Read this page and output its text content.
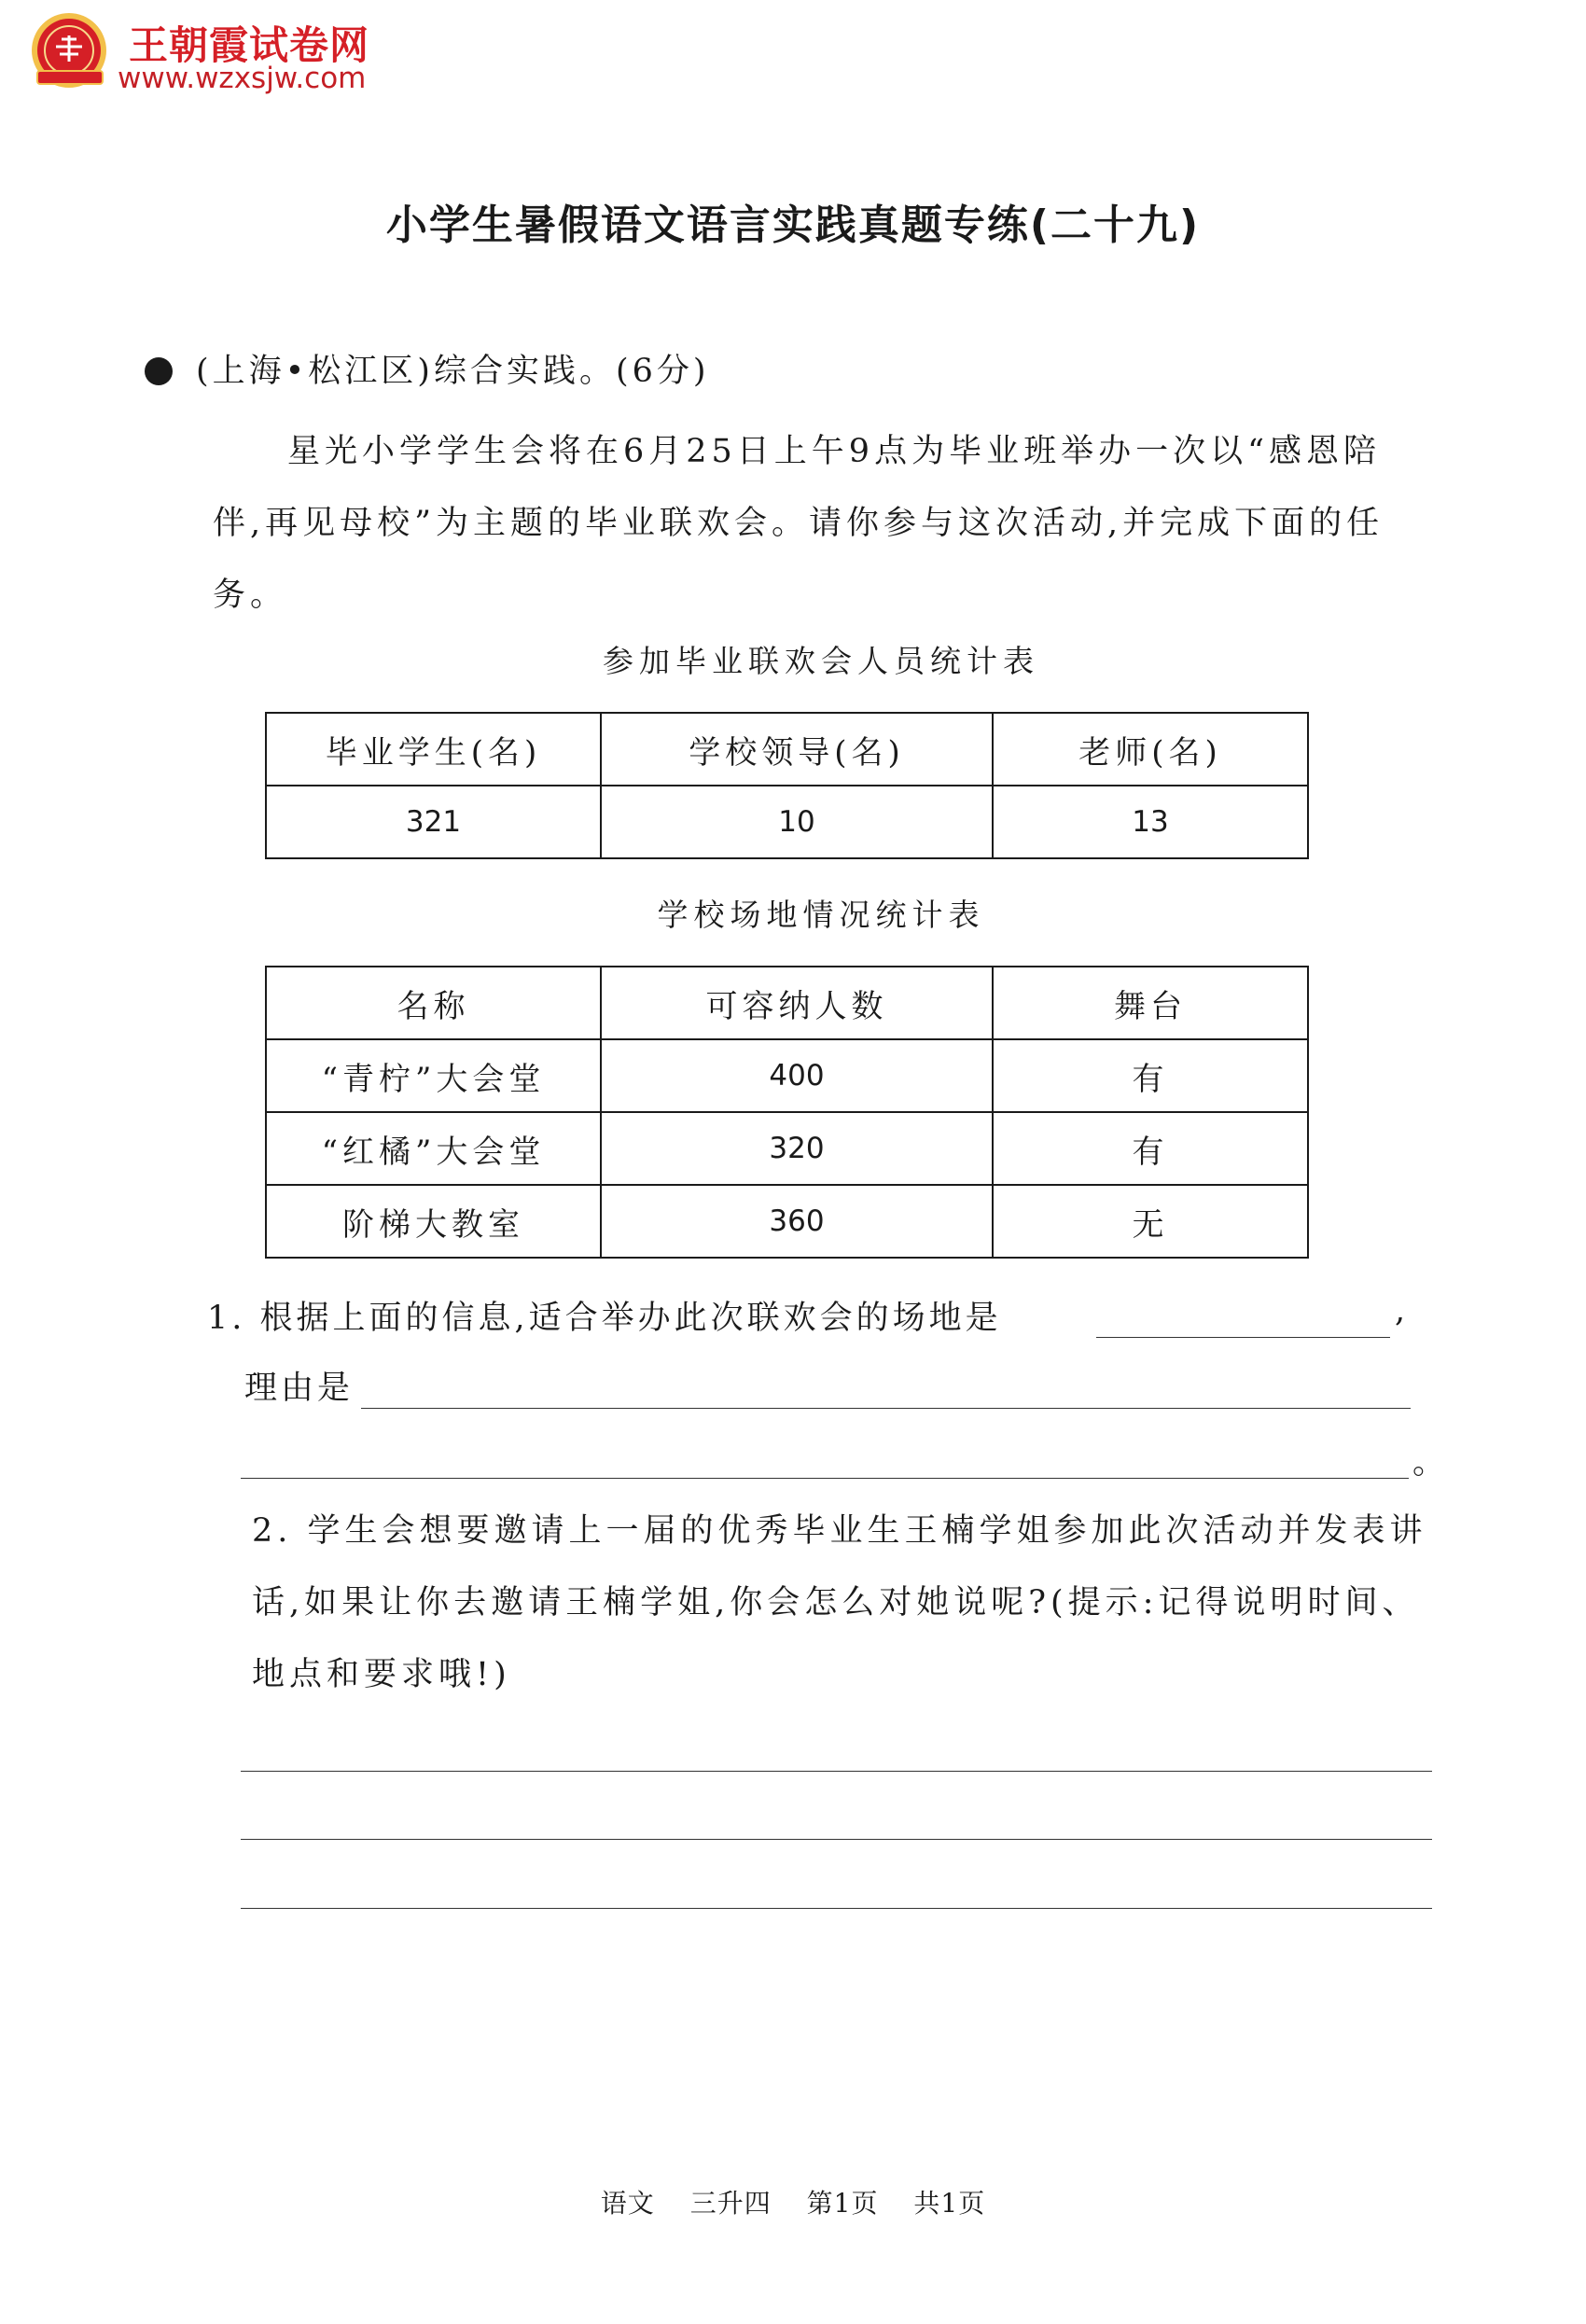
王朝霞试卷网
www.wzxsjw.com
小学生暑假语文语言实践真题专练(二十九)
(上海•松江区)综合实践。(6分)

星光小学学生会将在6月25日上午9点为毕业班举办一次以“感恩陪伴,再见母校”为主题的毕业联欢会。请你参与这次活动,并完成下面的任务。

参加毕业联欢会人员统计表
毕业学生(名)	学校领导(名)	老师(名)
321	10	13
学校场地情况统计表
名称	可容纳人数	舞台
“青柠”大会堂	400	有
“红橘”大会堂	320	有
阶梯大教室	360	无
1. 根据上面的信息,适合举办此次联欢会的场地是	,
理由是
。

2. 学生会想要邀请上一届的优秀毕业生王楠学姐参加此次活动并发表讲话,如果让你去邀请王楠学姐,你会怎么对她说呢?(提示:记得说明时间、地点和要求哦!)

语文 三升四 第1页 共1页
